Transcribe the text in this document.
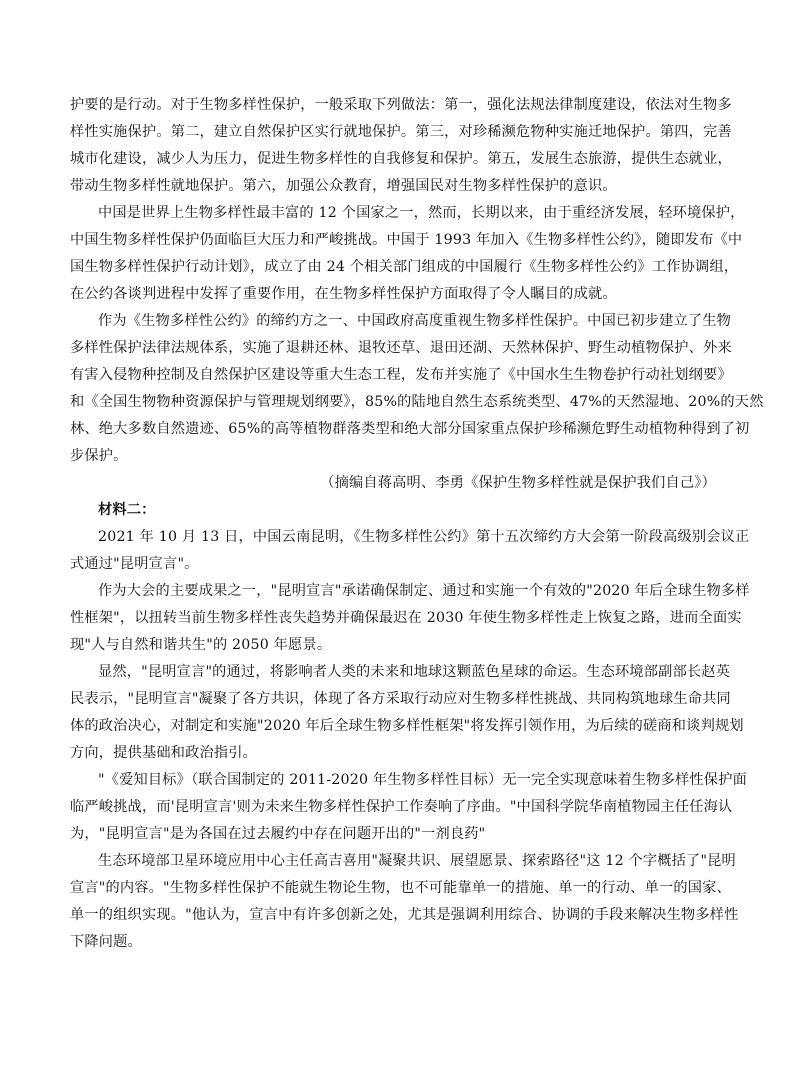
护要的是行动。对于生物多样性保护，一般采取下列做法：第一，强化法规法律制度建设，依法对生物多
样性实施保护。第二，建立自然保护区实行就地保护。第三，对珍稀濒危物种实施迁地保护。第四，完善
城市化建设，减少人为压力，促进生物多样性的自我修复和保护。第五，发展生态旅游，提供生态就业，
带动生物多样性就地保护。第六，加强公众教育，增强国民对生物多样性保护的意识。
中国是世界上生物多样性最丰富的 12 个国家之一，然而，长期以来，由于重经济发展，轻环境保护，
中国生物多样性保护仍面临巨大压力和严峻挑战。中国于 1993 年加入《生物多样性公约》，随即发布《中
国生物多样性保护行动计划》，成立了由 24 个相关部门组成的中国履行《生物多样性公约》工作协调组，
在公约各谈判进程中发挥了重要作用，在生物多样性保护方面取得了令人瞩目的成就。
作为《生物多样性公约》的缔约方之一、中国政府高度重视生物多样性保护。中国已初步建立了生物
多样性保护法律法规体系，实施了退耕还林、退牧还草、退田还湖、天然林保护、野生动植物保护、外来
有害入侵物种控制及自然保护区建设等重大生态工程，发布并实施了《中国水生生物卷护行动社划纲要》
和《全国生物物种资源保护与管理规划纲要》，85%的陆地自然生态系统类型、47%的天然湿地、20%的天然
林、绝大多数自然遗迹、65%的高等植物群落类型和绝大部分国家重点保护珍稀濒危野生动植物种得到了初
步保护。
（摘编自蒋高明、李勇《保护生物多样性就是保护我们自己》）
材料二：
2021 年 10 月 13 日，中国云南昆明，《生物多样性公约》第十五次缔约方大会第一阶段高级别会议正
式通过"昆明宣言"。
作为大会的主要成果之一，"昆明宣言"承诺确保制定、通过和实施一个有效的"2020 年后全球生物多样
性框架"，以扭转当前生物多样性丧失趋势并确保最迟在 2030 年使生物多样性走上恢复之路，进而全面实
现"人与自然和谐共生"的 2050 年愿景。
显然，"昆明宣言"的通过，将影响者人类的未来和地球这颗蓝色星球的命运。生态环境部副部长赵英
民表示，"昆明宣言"凝聚了各方共识，体现了各方采取行动应对生物多样性挑战、共同构筑地球生命共同
体的政治决心，对制定和实施"2020 年后全球生物多样性框架"将发挥引领作用，为后续的磋商和谈判规划
方向，提供基础和政治指引。
"《爱知目标》（联合国制定的 2011-2020 年生物多样性目标）无一完全实现意味着生物多样性保护面
临严峻挑战，而'昆明宣言'则为未来生物多样性保护工作奏响了序曲。"中国科学院华南植物园主任任海认
为，"昆明宣言"是为各国在过去履约中存在问题开出的"一剂良药"
生态环境部卫星环境应用中心主任高吉喜用"凝聚共识、展望愿景、探索路径"这 12 个字概括了"昆明
宣言"的内容。"生物多样性保护不能就生物论生物，也不可能靠单一的措施、单一的行动、单一的国家、
单一的组织实现。"他认为，宣言中有许多创新之处，尤其是强调利用综合、协调的手段来解决生物多样性
下降问题。
